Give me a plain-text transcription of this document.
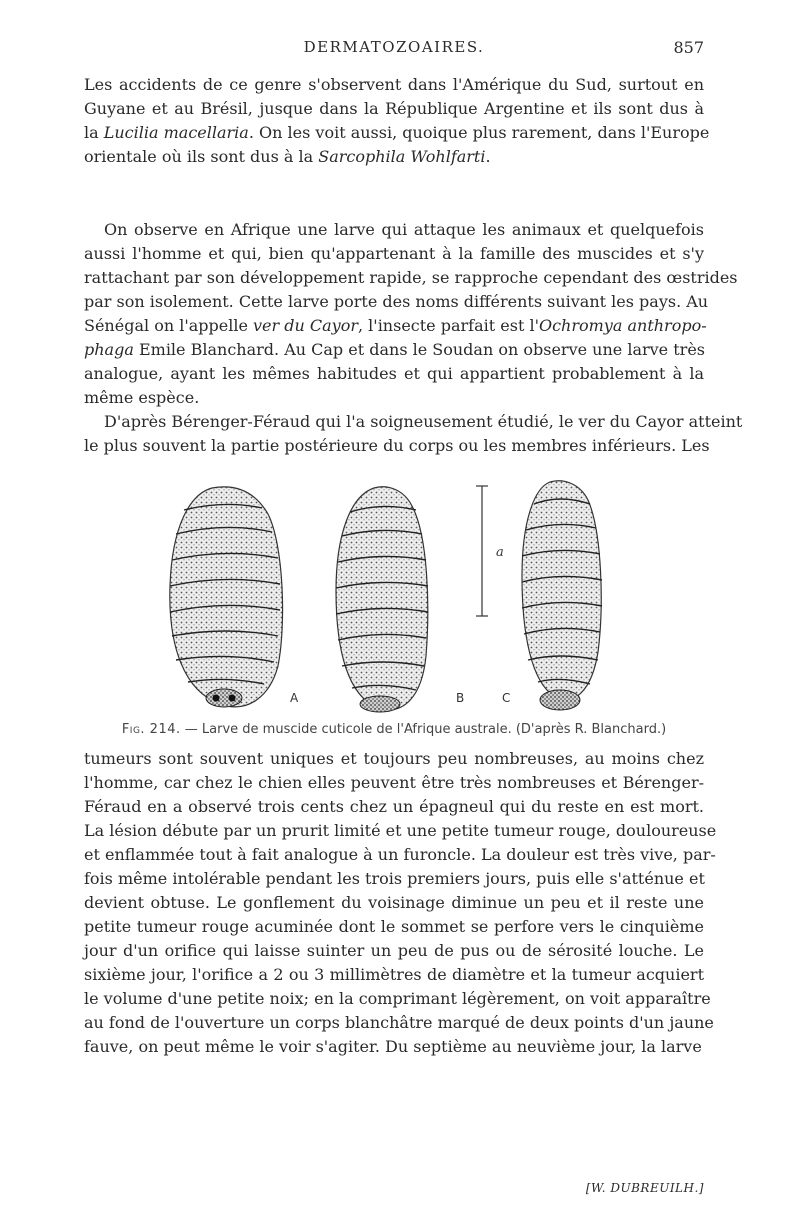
DERMATOZOAIRES.	857
Les accidents de ce genre s'observent dans l'Amérique du Sud, surtout en
Guyane et au Brésil, jusque dans la République Argentine et ils sont dus à
la Lucilia macellaria. On les voit aussi, quoique plus rarement, dans l'Europe
orientale où ils sont dus à la Sarcophila Wohlfarti.
On observe en Afrique une larve qui attaque les animaux et quelquefois
aussi l'homme et qui, bien qu'appartenant à la famille des muscides et s'y
rattachant par son développement rapide, se rapproche cependant des œstrides
par son isolement. Cette larve porte des noms différents suivant les pays. Au
Sénégal on l'appelle ver du Cayor, l'insecte parfait est l'Ochromya anthropo-
phaga Emile Blanchard. Au Cap et dans le Soudan on observe une larve très
analogue, ayant les mêmes habitudes et qui appartient probablement à la
même espèce.
D'après Bérenger-Féraud qui l'a soigneusement étudié, le ver du Cayor atteint
le plus souvent la partie postérieure du corps ou les membres inférieurs. Les
A	B
a
C
Fig. 214. — Larve de muscide cuticole de l'Afrique australe. (D'après R. Blanchard.)
tumeurs sont souvent uniques et toujours peu nombreuses, au moins chez
l'homme, car chez le chien elles peuvent être très nombreuses et Bérenger-
Féraud en a observé trois cents chez un épagneul qui du reste en est mort.
La lésion débute par un prurit limité et une petite tumeur rouge, douloureuse
et enflammée tout à fait analogue à un furoncle. La douleur est très vive, par-
fois même intolérable pendant les trois premiers jours, puis elle s'atténue et
devient obtuse. Le gonflement du voisinage diminue un peu et il reste une
petite tumeur rouge acuminée dont le sommet se perfore vers le cinquième
jour d'un orifice qui laisse suinter un peu de pus ou de sérosité louche. Le
sixième jour, l'orifice a 2 ou 3 millimètres de diamètre et la tumeur acquiert
le volume d'une petite noix; en la comprimant légèrement, on voit apparaître
au fond de l'ouverture un corps blanchâtre marqué de deux points d'un jaune
fauve, on peut même le voir s'agiter. Du septième au neuvième jour, la larve
[W. DUBREUILH.]
